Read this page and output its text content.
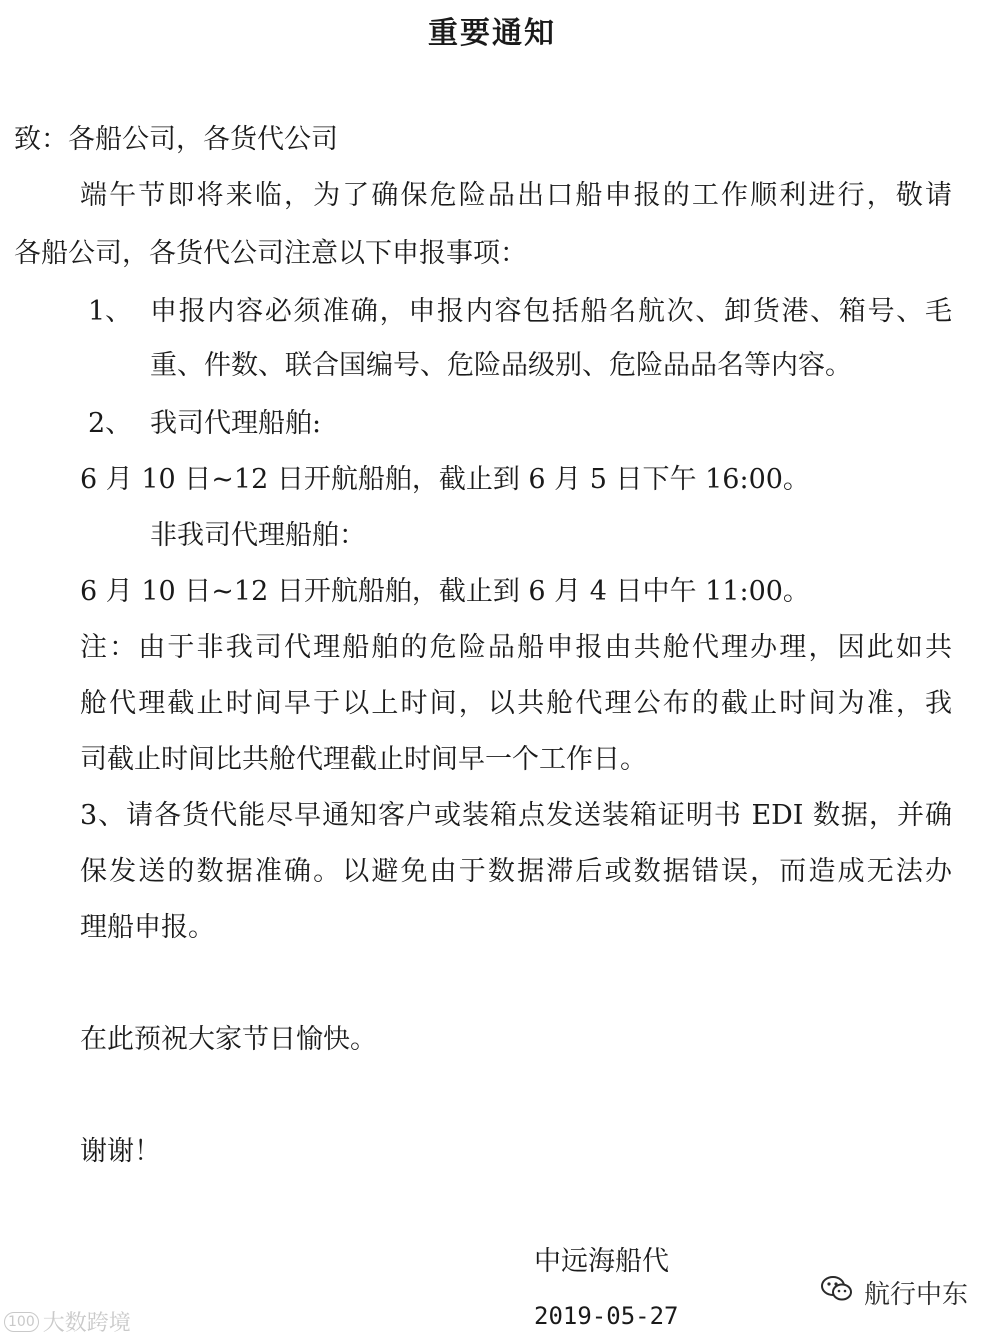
重要通知
致：各船公司，各货代公司
端午节即将来临，为了确保危险品出口船申报的工作顺利进行，敬请
各船公司，各货代公司注意以下申报事项：
1、 申报内容必须准确，申报内容包括船名航次、卸货港、箱号、毛
重、件数、联合国编号、危险品级别、危险品品名等内容。
2、 我司代理船舶:
6 月 10 日~12 日开航船舶，截止到 6 月 5 日下午 16:00。
非我司代理船舶：
6 月 10 日~12 日开航船舶，截止到 6 月 4 日中午 11:00。
注：由于非我司代理船舶的危险品船申报由共舱代理办理，因此如共
舱代理截止时间早于以上时间，以共舱代理公布的截止时间为准，我
司截止时间比共舱代理截止时间早一个工作日。
3、请各货代能尽早通知客户或装箱点发送装箱证明书 EDI 数据，并确
保发送的数据准确。以避免由于数据滞后或数据错误，而造成无法办
理船申报。
在此预祝大家节日愉快。
谢谢！
中远海船代
2019-05-27
100 大数跨境
航行中东
